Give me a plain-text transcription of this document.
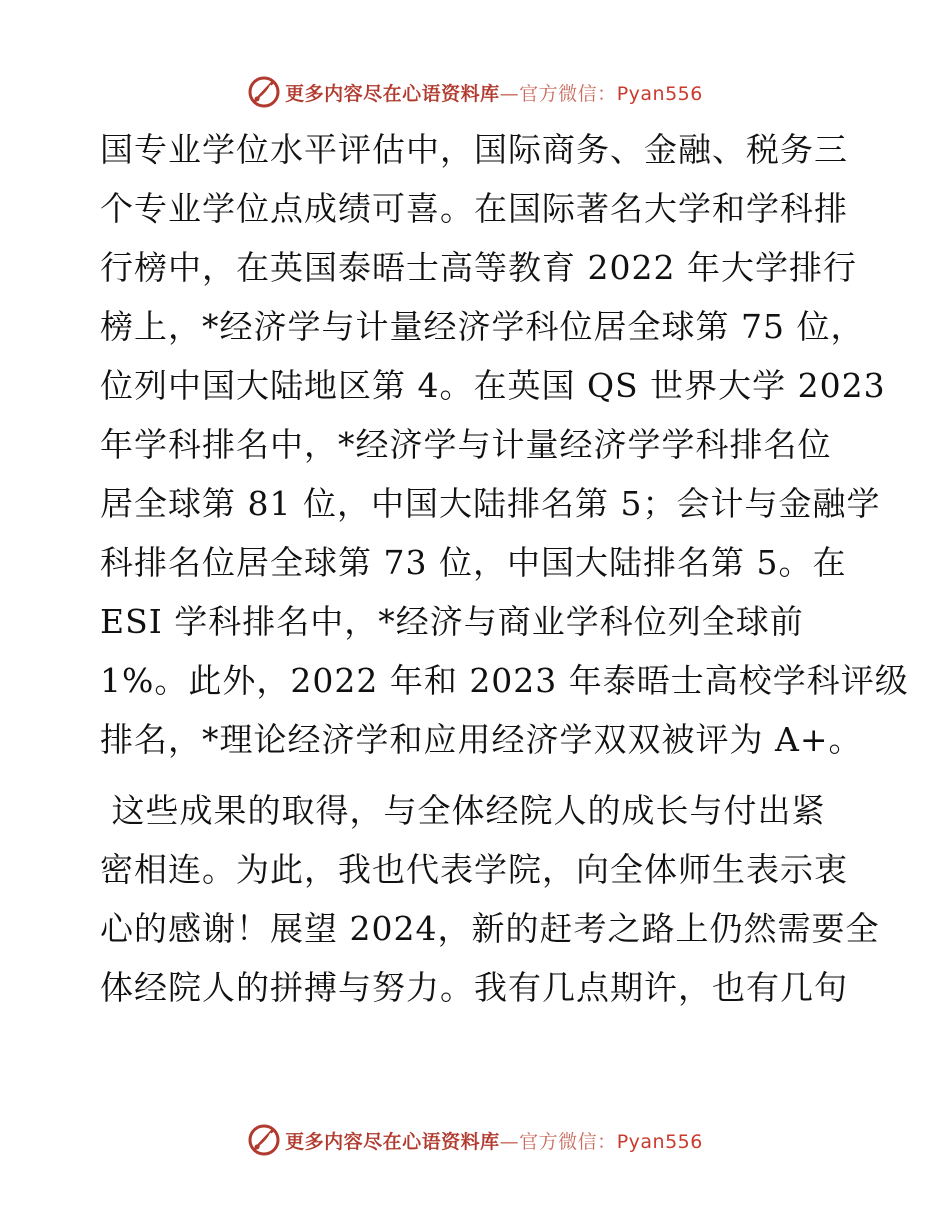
更多内容尽在心语资料库—官方微信：Pyan556
国专业学位水平评估中，国际商务、金融、税务三
个专业学位点成绩可喜。在国际著名大学和学科排
行榜中，在英国泰晤士高等教育 2022 年大学排行
榜上，*经济学与计量经济学科位居全球第 75 位，
位列中国大陆地区第 4。在英国 QS 世界大学 2023
年学科排名中，*经济学与计量经济学学科排名位
居全球第 81 位，中国大陆排名第 5；会计与金融学
科排名位居全球第 73 位，中国大陆排名第 5。在
ESI 学科排名中，*经济与商业学科位列全球前
1%。此外，2022 年和 2023 年泰晤士高校学科评级
排名，*理论经济学和应用经济学双双被评为 A+。
这些成果的取得，与全体经院人的成长与付出紧
密相连。为此，我也代表学院，向全体师生表示衷
心的感谢！展望 2024，新的赶考之路上仍然需要全
体经院人的拼搏与努力。我有几点期许，也有几句
更多内容尽在心语资料库—官方微信：Pyan556
